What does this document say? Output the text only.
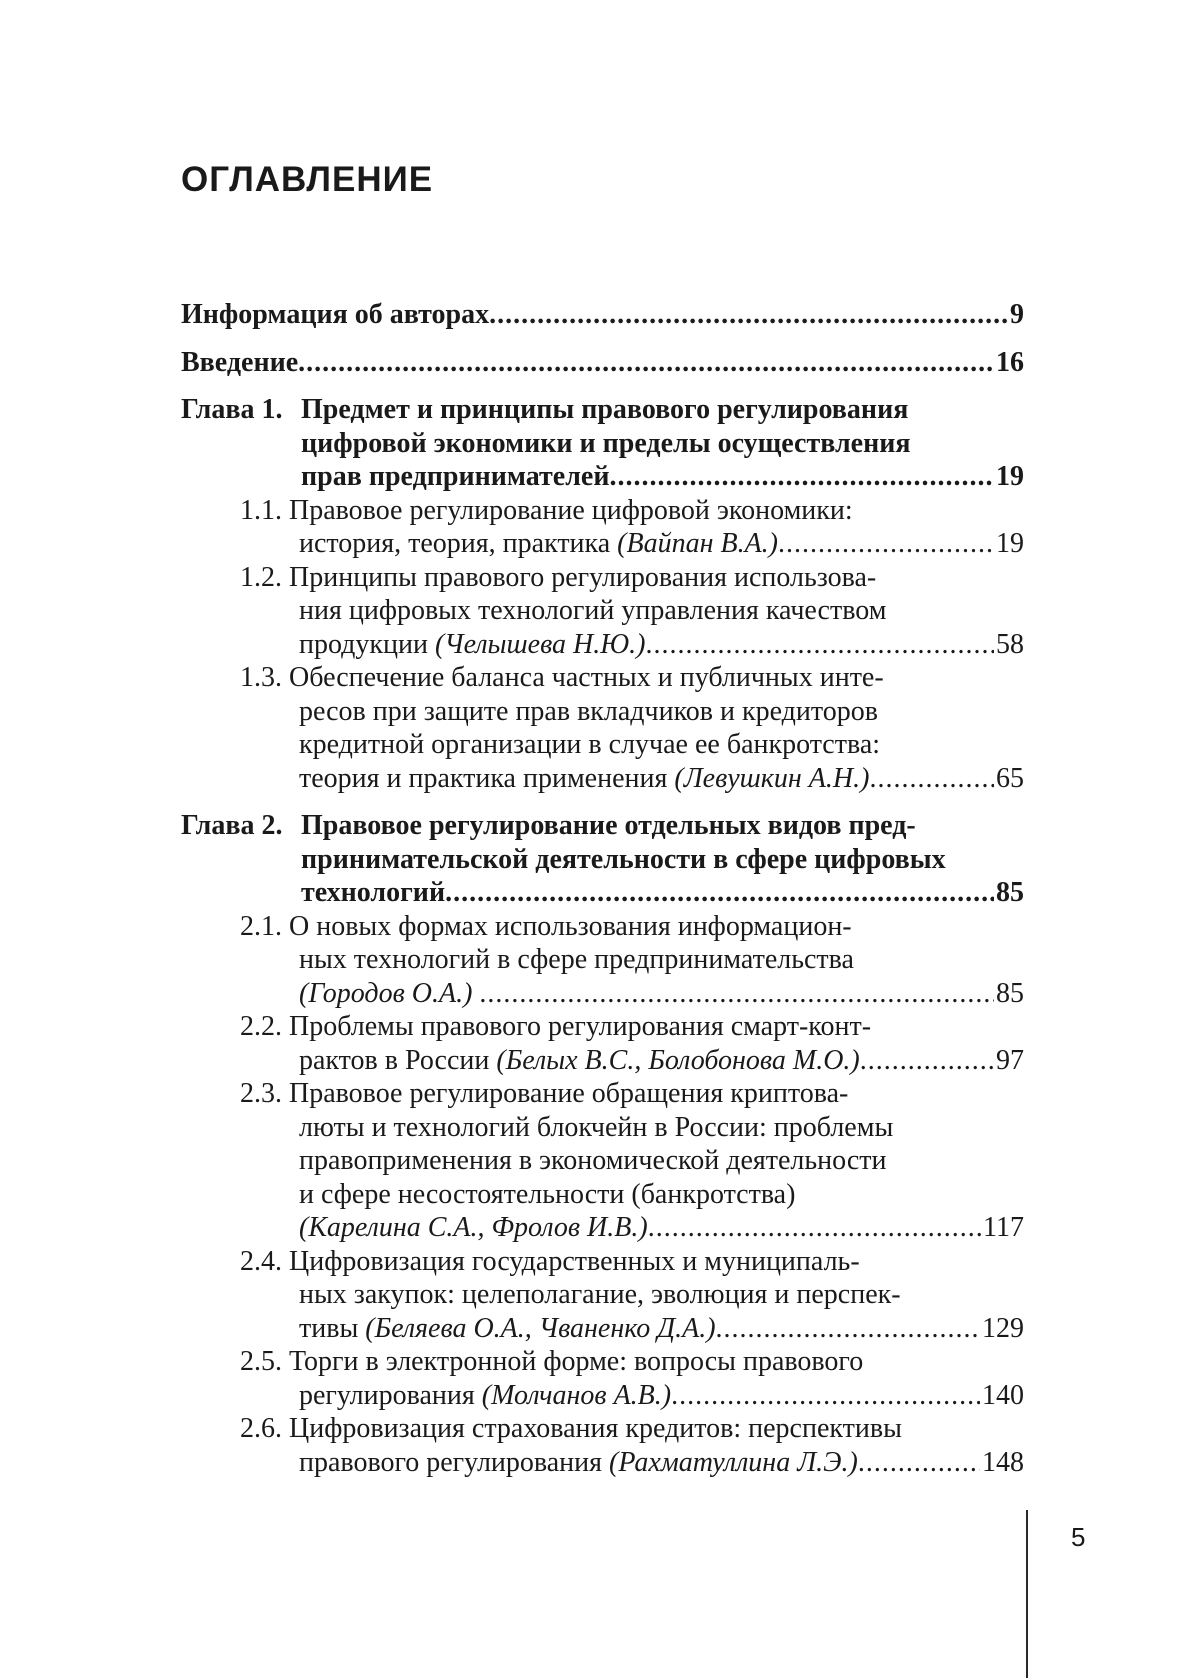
ОГЛАВЛЕНИЕ
Информация об авторах .....	9
Введение .....	16
Глава 1. Предмет и принципы правового регулирования
цифровой экономики и пределы осуществления
прав предпринимателей .....	19
1.1. Правовое регулирование цифровой экономики:
история, теория, практика (Вайпан В.А.) .....	19
1.2. Принципы правового регулирования использова-
ния цифровых технологий управления качеством
продукции (Челышева Н.Ю.) .....	58
1.3. Обеспечение баланса частных и публичных инте-
ресов при защите прав вкладчиков и кредиторов
кредитной организации в случае ее банкротства:
теория и практика применения (Левушкин А.Н.) .....	65
Глава 2. Правовое регулирование отдельных видов пред-
принимательской деятельности в сфере цифровых
технологий .....	85
2.1. О новых формах использования информацион-
ных технологий в сфере предпринимательства
(Городов О.А.) .....	85
2.2. Проблемы правового регулирования смарт-конт-
рактов в России (Белых В.С., Болобонова М.О.) .....	97
2.3. Правовое регулирование обращения криптова-
люты и технологий блокчейн в России: проблемы
правоприменения в экономической деятельности
и сфере несостоятельности (банкротства)
(Карелина С.А., Фролов И.В.) .....	117
2.4. Цифровизация государственных и муниципаль-
ных закупок: целеполагание, эволюция и перспек-
тивы (Беляева О.А., Чваненко Д.А.) .....	129
2.5. Торги в электронной форме: вопросы правового
регулирования (Молчанов А.В.) .....	140
2.6. Цифровизация страхования кредитов: перспективы
правового регулирования (Рахматуллина Л.Э.) .....	148
5
